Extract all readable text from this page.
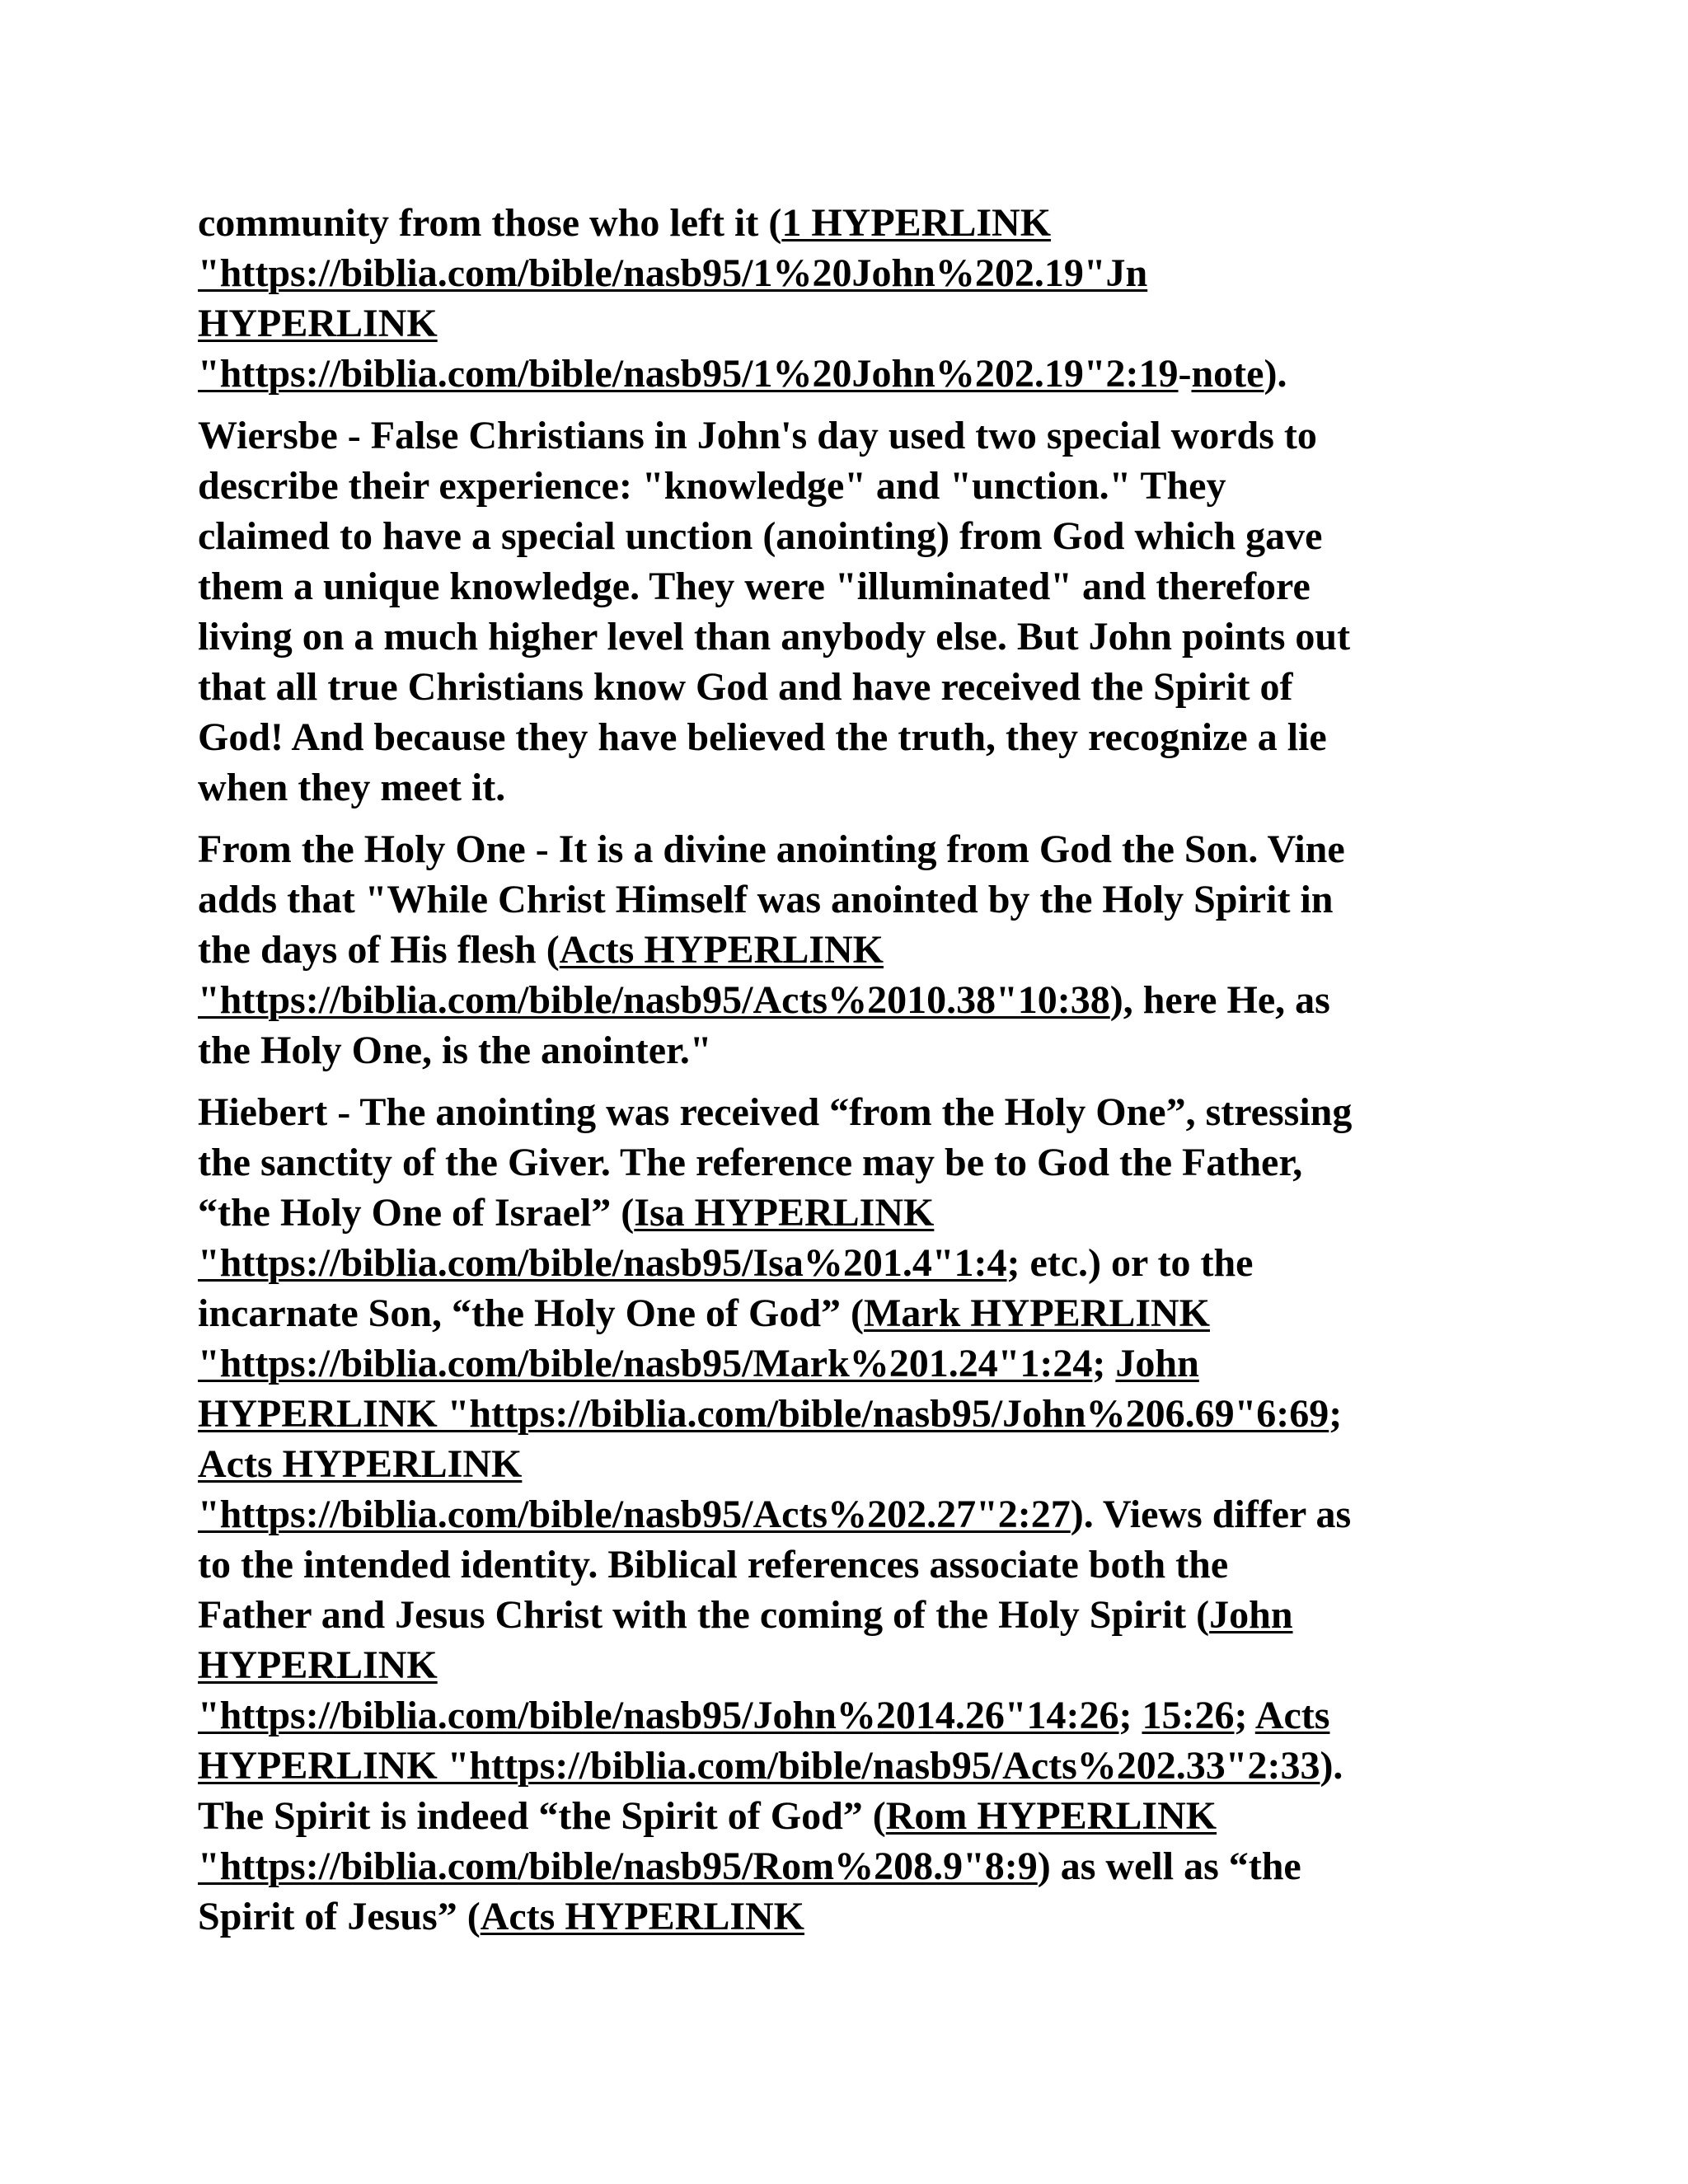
community from those who left it (1 HYPERLINK
"https://biblia.com/bible/nasb95/1%20John%202.19"Jn
HYPERLINK
"https://biblia.com/bible/nasb95/1%20John%202.19"2:19-note).

Wiersbe - False Christians in John's day used two special words to
describe their experience: "knowledge" and "unction." They
claimed to have a special unction (anointing) from God which gave
them a unique knowledge. They were "illuminated" and therefore
living on a much higher level than anybody else. But John points out
that all true Christians know God and have received the Spirit of
God! And because they have believed the truth, they recognize a lie
when they meet it.

From the Holy One - It is a divine anointing from God the Son. Vine
adds that "While Christ Himself was anointed by the Holy Spirit in
the days of His flesh (Acts HYPERLINK
"https://biblia.com/bible/nasb95/Acts%2010.38"10:38), here He, as
the Holy One, is the anointer."

Hiebert - The anointing was received “from the Holy One”, stressing
the sanctity of the Giver. The reference may be to God the Father,
“the Holy One of Israel” (Isa HYPERLINK
"https://biblia.com/bible/nasb95/Isa%201.4"1:4; etc.) or to the
incarnate Son, “the Holy One of God” (Mark HYPERLINK
"https://biblia.com/bible/nasb95/Mark%201.24"1:24; John
HYPERLINK "https://biblia.com/bible/nasb95/John%206.69"6:69;
Acts HYPERLINK
"https://biblia.com/bible/nasb95/Acts%202.27"2:27). Views differ as
to the intended identity. Biblical references associate both the
Father and Jesus Christ with the coming of the Holy Spirit (John
HYPERLINK
"https://biblia.com/bible/nasb95/John%2014.26"14:26; 15:26; Acts
HYPERLINK "https://biblia.com/bible/nasb95/Acts%202.33"2:33).
The Spirit is indeed “the Spirit of God” (Rom HYPERLINK
"https://biblia.com/bible/nasb95/Rom%208.9"8:9) as well as “the
Spirit of Jesus” (Acts HYPERLINK
